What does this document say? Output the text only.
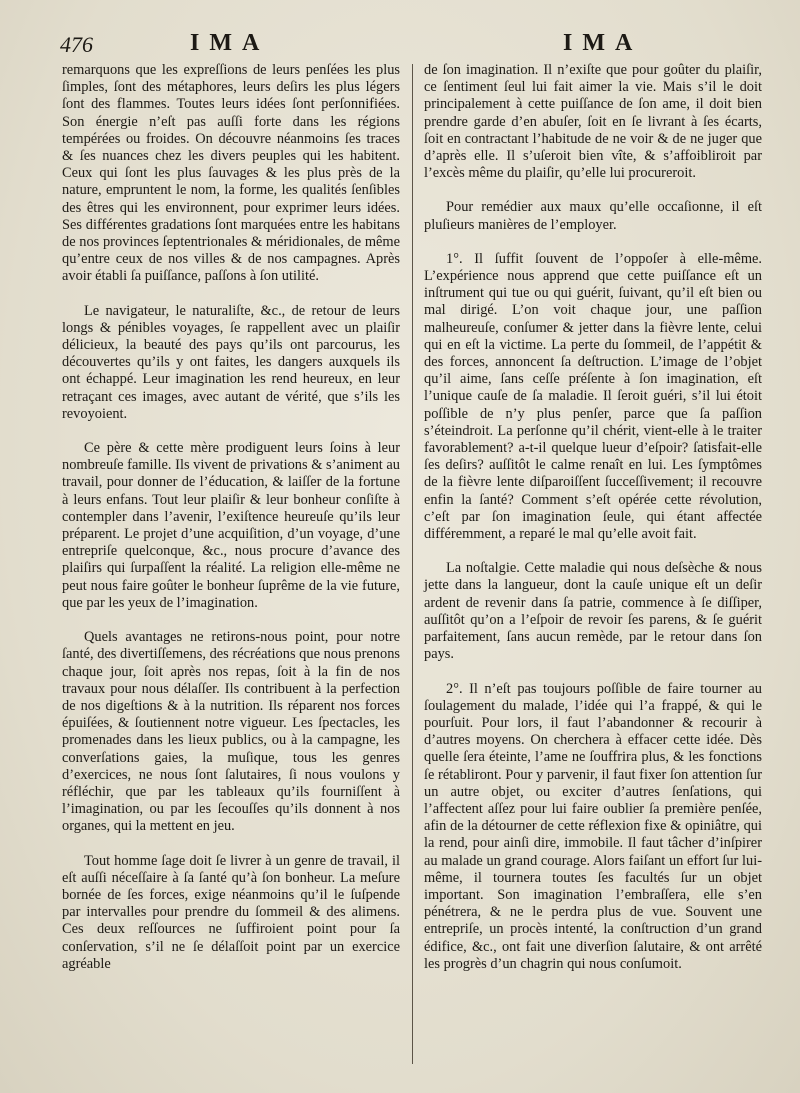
476	IMA	IMA

remarquons que les expreſſions de leurs penſées les plus ſimples, ſont des métaphores, leurs deſirs les plus légers ſont des flammes. Toutes leurs idées ſont perſonnifiées. Son énergie n’eſt pas auſſi forte dans les régions tempérées ou froides. On découvre néanmoins ſes traces & ſes nuances chez les divers peuples qui les habitent. Ceux qui ſont les plus ſauvages & les plus près de la nature, empruntent le nom, la forme, les qualités ſenſibles des êtres qui les environnent, pour exprimer leurs idées. Ses différentes gradations ſont marquées entre les habitans de nos provinces ſeptentrionales & méridionales, de même qu’entre ceux de nos villes & de nos campagnes. Après avoir établi ſa puiſſance, paſſons à ſon utilité.

Le navigateur, le naturaliſte, &c., de retour de leurs longs & pénibles voyages, ſe rappellent avec un plaiſir délicieux, la beauté des pays qu’ils ont parcourus, les découvertes qu’ils y ont faites, les dangers auxquels ils ont échappé. Leur imagination les rend heureux, en leur retraçant ces images, avec autant de vérité, que s’ils les revoyoient.

Ce père & cette mère prodiguent leurs ſoins à leur nombreuſe famille. Ils vivent de privations & s’animent au travail, pour donner de l’éducation, & laiſſer de la fortune à leurs enfans. Tout leur plaiſir & leur bonheur conſiſte à contempler dans l’avenir, l’exiſtence heureuſe qu’ils leur préparent. Le projet d’une acquiſition, d’un voyage, d’une entrepriſe quelconque, &c., nous procure d’avance des plaiſirs qui ſurpaſſent la réalité. La religion elle-même ne peut nous faire goûter le bonheur ſuprême de la vie future, que par les yeux de l’imagination.

Quels avantages ne retirons-nous point, pour notre ſanté, des divertiſſemens, des récréations que nous prenons chaque jour, ſoit après nos repas, ſoit à la fin de nos travaux pour nous délaſſer. Ils contribuent à la perfection de nos digeſtions & à la nutrition. Ils réparent nos forces épuiſées, & ſoutiennent notre vigueur. Les ſpectacles, les promenades dans les lieux publics, ou à la campagne, les converſations gaies, la muſique, tous les genres d’exercices, ne nous ſont ſalutaires, ſi nous voulons y réfléchir, que par les tableaux qu’ils fourniſſent à l’imagination, ou par les ſecouſſes qu’ils donnent à nos organes, qui la mettent en jeu.

Tout homme ſage doit ſe livrer à un genre de travail, il eſt auſſi néceſſaire à ſa ſanté qu’à ſon bonheur. La meſure bornée de ſes forces, exige néanmoins qu’il le ſuſpende par intervalles pour prendre du ſommeil & des alimens. Ces deux reſſources ne ſuffiroient point pour ſa conſervation, s’il ne ſe délaſſoit point par un exercice agréable

de ſon imagination. Il n’exiſte que pour goûter du plaiſir, ce ſentiment ſeul lui fait aimer la vie. Mais s’il le doit principalement à cette puiſſance de ſon ame, il doit bien prendre garde d’en abuſer, ſoit en ſe livrant à ſes écarts, ſoit en contractant l’habitude de ne voir & de ne juger que d’après elle. Il s’uſeroit bien vîte, & s’affoibliroit par l’excès même du plaiſir, qu’elle lui procureroit.

Pour remédier aux maux qu’elle occaſionne, il eſt pluſieurs manières de l’employer.

1°. Il ſuffit ſouvent de l’oppoſer à elle-même. L’expérience nous apprend que cette puiſſance eſt un inſtrument qui tue ou qui guérit, ſuivant, qu’il eſt bien ou mal dirigé. L’on voit chaque jour, une paſſion malheureuſe, conſumer & jetter dans la fièvre lente, celui qui en eſt la victime. La perte du ſommeil, de l’appétit & des forces, annoncent ſa deſtruction. L’image de l’objet qu’il aime, ſans ceſſe préſente à ſon imagination, eſt l’unique cauſe de ſa maladie. Il ſeroit guéri, s’il lui étoit poſſible de n’y plus penſer, parce que ſa paſſion s’éteindroit. La perſonne qu’il chérit, vient-elle à le traiter favorablement? a-t-il quelque lueur d’eſpoir? ſatisfait-elle ſes deſirs? auſſitôt le calme renaît en lui. Les ſymptômes de la fièvre lente diſparoiſſent ſucceſſivement; il recouvre enfin la ſanté? Comment s’eſt opérée cette révolution, c’eſt par ſon imagination ſeule, qui étant affectée différemment, a reparé le mal qu’elle avoit fait.

La noſtalgie. Cette maladie qui nous deſsèche & nous jette dans la langueur, dont la cauſe unique eſt un deſir ardent de revenir dans ſa patrie, commence à ſe diſſiper, auſſitôt qu’on a l’eſpoir de revoir ſes parens, & ſe guérit parfaitement, ſans aucun remède, par le retour dans ſon pays.

2°. Il n’eſt pas toujours poſſible de faire tourner au ſoulagement du malade, l’idée qui l’a frappé, & qui le pourſuit. Pour lors, il faut l’abandonner & recourir à d’autres moyens. On cherchera à effacer cette idée. Dès quelle ſera éteinte, l’ame ne ſouffrira plus, & les fonctions ſe rétabliront. Pour y parvenir, il faut fixer ſon attention ſur un autre objet, ou exciter d’autres ſenſations, qui l’affectent aſſez pour lui faire oublier ſa première penſée, afin de la détourner de cette réflexion fixe & opiniâtre, qui la rend, pour ainſi dire, immobile. Il faut tâcher d’inſpirer au malade un grand courage. Alors faiſant un effort ſur lui-même, il tournera toutes ſes facultés ſur un objet important. Son imagination l’embraſſera, elle s’en pénétrera, & ne le perdra plus de vue. Souvent une entrepriſe, un procès intenté, la conſtruction d’un grand édifice, &c., ont fait une diverſion ſalutaire, & ont arrêté les progrès d’un chagrin qui nous conſumoit.
